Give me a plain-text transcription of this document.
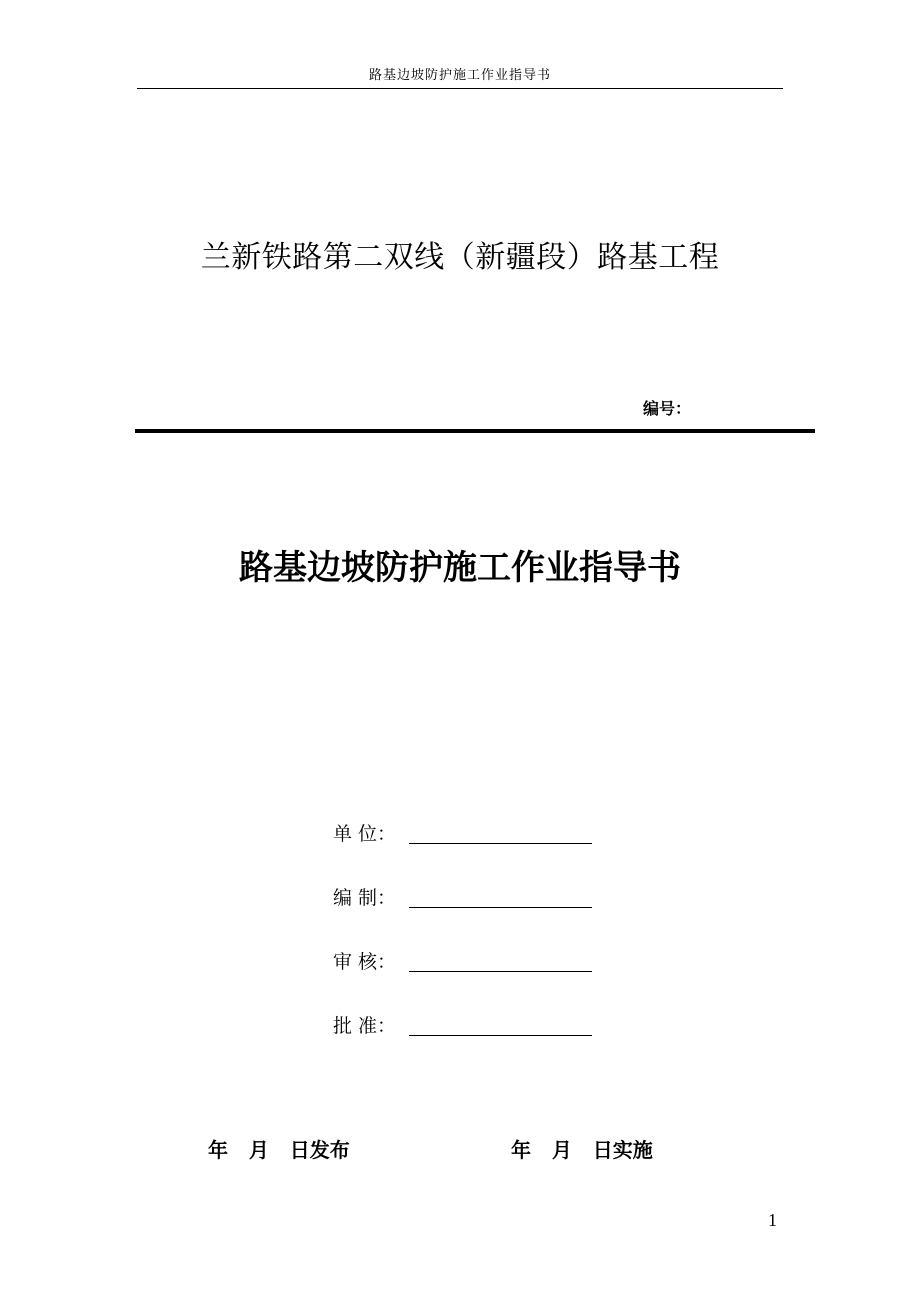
路基边坡防护施工作业指导书
兰新铁路第二双线（新疆段）路基工程
编号：
路基边坡防护施工作业指导书
单 位：
编 制：
审 核：
批 准：
年   月   日发布	年   月   日实施
1
